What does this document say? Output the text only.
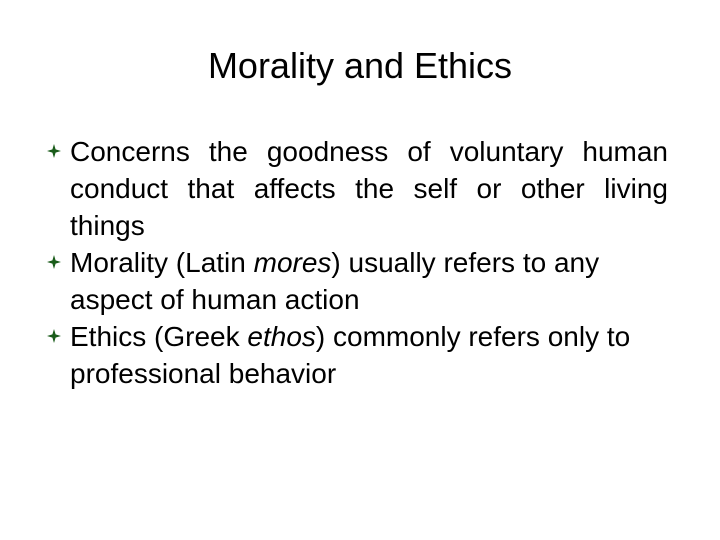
Morality and Ethics
Concerns the goodness of voluntary human conduct that affects the self or other living things
Morality (Latin mores) usually refers to any aspect of human action
Ethics (Greek ethos) commonly refers only to professional behavior
